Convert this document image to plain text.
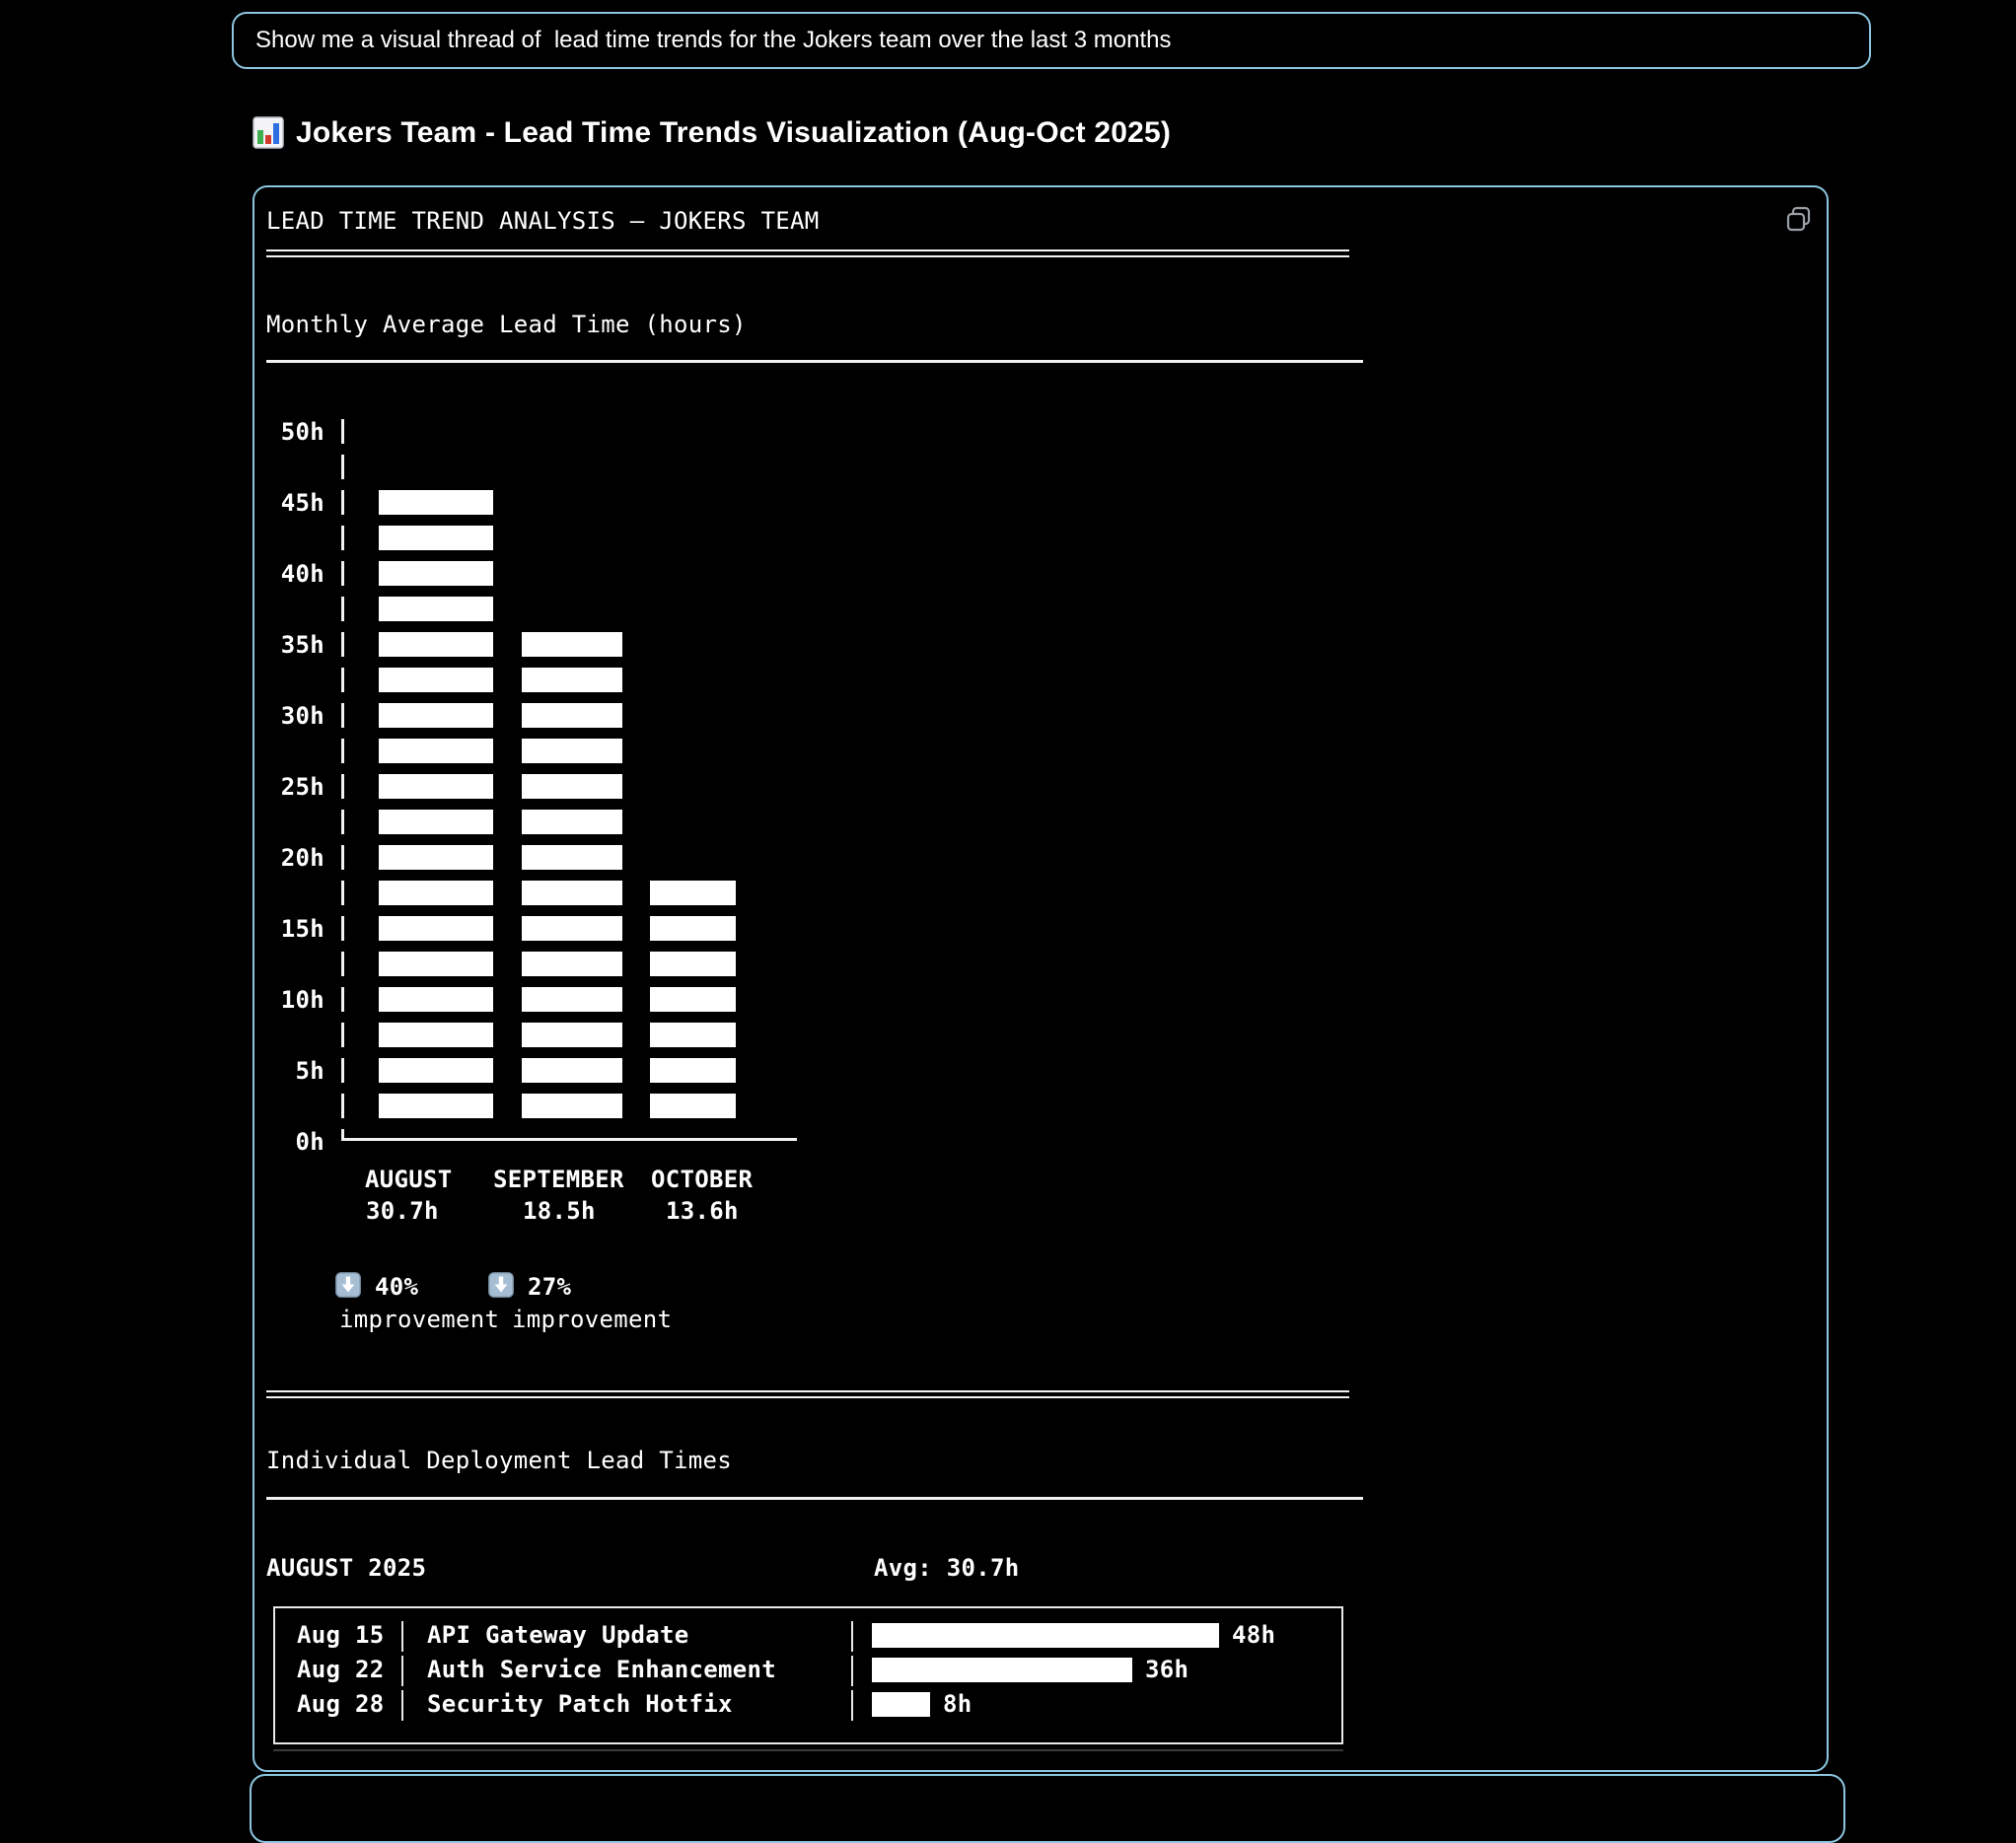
Show me a visual thread of  lead time trends for the Jokers team over the last 3 months
Jokers Team - Lead Time Trends Visualization (Aug-Oct 2025)
LEAD TIME TREND ANALYSIS — JOKERS TEAM
Monthly Average Lead Time (hours)
50h
45h
40h
35h
30h
25h
20h
15h
10h
5h
0h
AUGUST
30.7h
SEPTEMBER
18.5h
OCTOBER
13.6h
40%
improvement
27%
improvement
Individual Deployment Lead Times
AUGUST 2025	Avg: 30.7h
Aug 15 API Gateway Update	48h
Aug 22 Auth Service Enhancement	36h
Aug 28 Security Patch Hotfix	8h
